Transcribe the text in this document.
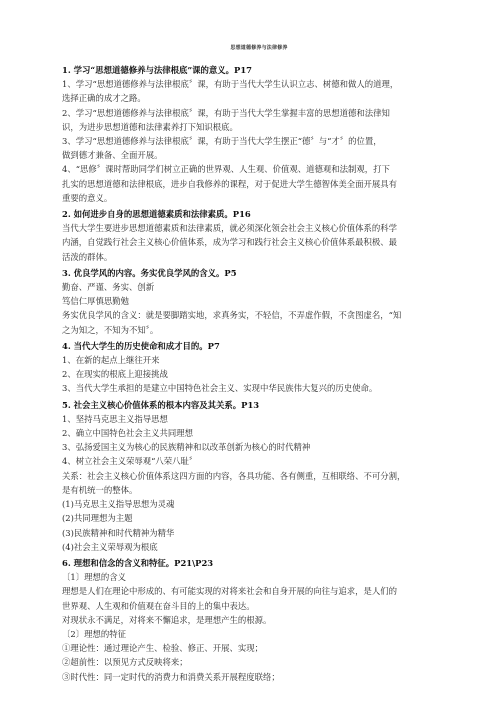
思想道德修养与法律修养

1. 学习“思想道德修养与法律根底”课的意义。P17

1、学习“思想道德修养与法律根底〞课，有助于当代大学生认识立志、树德和做人的道理，

选择正确的成才之路。

2、学习“思想道德修养与法律根底〞课，有助于当代大学生掌握丰富的思想道德和法律知

识，为进步思想道德和法律素养打下知识根底。

3、学习“思想道德修养与法律根底〞课，有助于当代大学生摆正“德〞与“才〞的位置，

做到德才兼备、全面开展。

4、“思修〞课时帮助同学们树立正确的世界观、人生观、价值观、道德观和法制观，打下

扎实的思想道德和法律根底，进步自我修养的课程，对于促进大学生德智体美全面开展具有

重要的意义。

2. 如何进步自身的思想道德素质和法律素质。P16

当代大学生要进步思想道德素质和法律素质，就必须深化领会社会主义核心价值体系的科学

内涵，自觉践行社会主义核心价值体系，成为学习和践行社会主义核心价值体系最积极、最

活泼的群体。

3. 优良学风的内容。务实优良学风的含义。P5

勤奋、严谨、务实、创新

笃信仁厚慎思勤勉

务实优良学风的含义：就是要脚踏实地，求真务实，不轻信，不弄虚作假，不贪图虚名，“知

之为知之，不知为不知〞。

4. 当代大学生的历史使命和成才目的。P7

1、在新的起点上继往开来

2、在现实的根底上迎接挑战

3、当代大学生承担的是建立中国特色社会主义、实现中华民族伟大复兴的历史使命。

5. 社会主义核心价值体系的根本内容及其关系。P13

1、坚持马克思主义指导思想

2、确立中国特色社会主义共同理想

3、弘扬爱国主义为核心的民族精神和以改革创新为核心的时代精神

4、树立社会主义荣辱观“八荣八耻〞

关系：社会主义核心价值体系这四方面的内容，各具功能、各有侧重，互相联络、不可分割，

是有机统一的整体。

(1)马克思主义指导思想为灵魂

(2)共同理想为主题

(3)民族精神和时代精神为精华

(4)社会主义荣辱观为根底

6. 理想和信念的含义和特征。P21\P23

〔1〕理想的含义

理想是人们在理论中形成的、有可能实现的对将来社会和自身开展的向往与追求，是人们的

世界观、人生观和价值观在奋斗目的上的集中表达。

对现状永不满足，对将来不懈追求，是理想产生的根源。

〔2〕理想的特征

①理论性：通过理论产生、检验、修正、开展、实现；

②超前性：以预见方式反映将来；

③时代性：同一定时代的消费力和消费关系开展程度联络；
